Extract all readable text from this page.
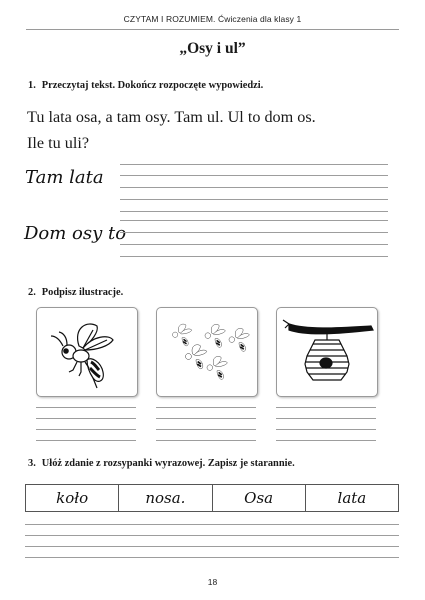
CZYTAM I ROZUMIEM. Ćwiczenia dla klasy 1
„Osy i ul”
1. Przeczytaj tekst. Dokończ rozpoczęte wypowiedzi.
Tu lata osa, a tam osy. Tam ul. Ul to dom os.
Ile tu uli?
Tam lata
Dom osy to
2. Podpisz ilustracje.
3. Ułóż zdanie z rozsypanki wyrazowej. Zapisz je starannie.
koło	nosa.	Osa	lata
18
